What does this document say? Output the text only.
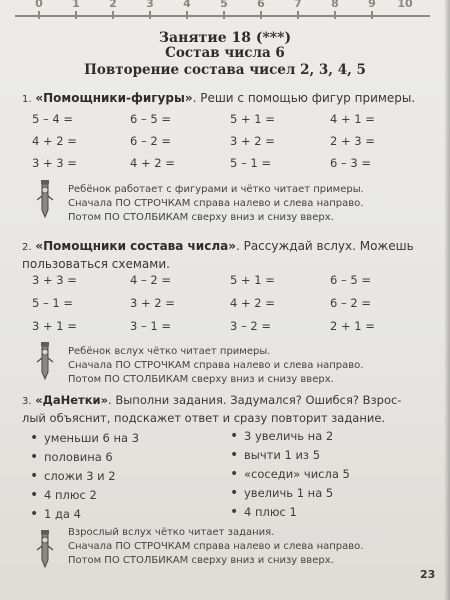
0	1	2	3	4	5	6	7	8	9	10
Занятие 18 (***)
Состав числа 6
Повторение состава чисел 2, 3, 4, 5
1. «Помощники-фигуры». Реши с помощью фигур примеры.
5 – 4 =	6 – 5 =	5 + 1 =	4 + 1 =
4 + 2 =	6 – 2 =	3 + 2 =	2 + 3 =
3 + 3 =	4 + 2 =	5 – 1 =	6 – 3 =
Ребёнок работает с фигурами и чётко читает примеры.
Сначала ПО СТРОЧКАМ справа налево и слева направо.
Потом ПО СТОЛБИКАМ сверху вниз и снизу вверх.
2. «Помощники состава числа». Рассуждай вслух. Можешь
пользоваться схемами.
3 + 3 =	4 – 2 =	5 + 1 =	6 – 5 =
5 – 1 =	3 + 2 =	4 + 2 =	6 – 2 =
3 + 1 =	3 – 1 =	3 – 2 =	2 + 1 =
Ребёнок вслух чётко читает примеры.
Сначала ПО СТРОЧКАМ справа налево и слева направо.
Потом ПО СТОЛБИКАМ сверху вниз и снизу вверх.
3. «ДаНетки». Выполни задания. Задумался? Ошибся? Взрос-
лый объяснит, подскажет ответ и сразу повторит задание.
• уменьши 6 на 3
• половина 6
• сложи 3 и 2
• 4 плюс 2
• 1 да 4
• 3 увеличь на 2
• вычти 1 из 5
• «соседи» числа 5
• увеличь 1 на 5
• 4 плюс 1
Взрослый вслух чётко читает задания.
Сначала ПО СТРОЧКАМ справа налево и слева направо.
Потом ПО СТОЛБИКАМ сверху вниз и снизу вверх.
23
